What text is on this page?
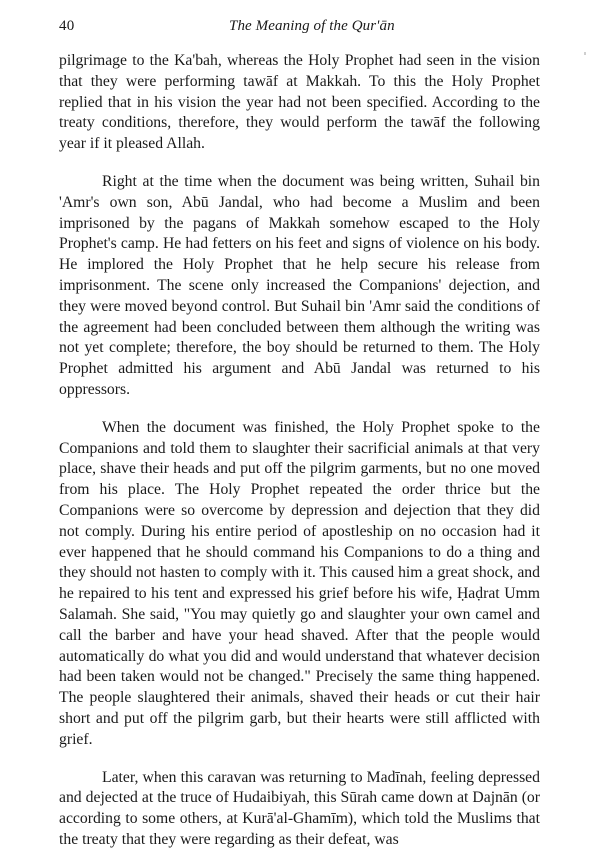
40	The Meaning of the Qur'ān

pilgrimage to the Ka'bah, whereas the Holy Prophet had seen in the vision that they were performing tawāf at Makkah. To this the Holy Prophet replied that in his vision the year had not been specified. According to the treaty conditions, therefore, they would perform the tawāf the following year if it pleased Allah.

Right at the time when the document was being written, Suhail bin 'Amr's own son, Abū Jandal, who had become a Muslim and been imprisoned by the pagans of Makkah somehow escaped to the Holy Prophet's camp. He had fetters on his feet and signs of violence on his body. He implored the Holy Prophet that he help secure his release from imprisonment. The scene only increased the Companions' dejection, and they were moved beyond control. But Suhail bin 'Amr said the conditions of the agreement had been concluded between them although the writing was not yet complete; therefore, the boy should be returned to them. The Holy Prophet admitted his argument and Abū Jandal was returned to his oppressors.

When the document was finished, the Holy Prophet spoke to the Companions and told them to slaughter their sacrificial animals at that very place, shave their heads and put off the pilgrim garments, but no one moved from his place. The Holy Prophet repeated the order thrice but the Companions were so overcome by depression and dejection that they did not comply. During his entire period of apostleship on no occasion had it ever happened that he should command his Companions to do a thing and they should not hasten to comply with it. This caused him a great shock, and he repaired to his tent and expressed his grief before his wife, Ḥaḍrat Umm Salamah. She said, "You may quietly go and slaughter your own camel and call the barber and have your head shaved. After that the people would automatically do what you did and would understand that whatever decision had been taken would not be changed." Precisely the same thing happened. The people slaughtered their animals, shaved their heads or cut their hair short and put off the pilgrim garb, but their hearts were still afflicted with grief.

Later, when this caravan was returning to Madīnah, feeling depressed and dejected at the truce of Hudaibiyah, this Sūrah came down at Dajnān (or according to some others, at Kurā'al-Ghamīm), which told the Muslims that the treaty that they were regarding as their defeat, was
